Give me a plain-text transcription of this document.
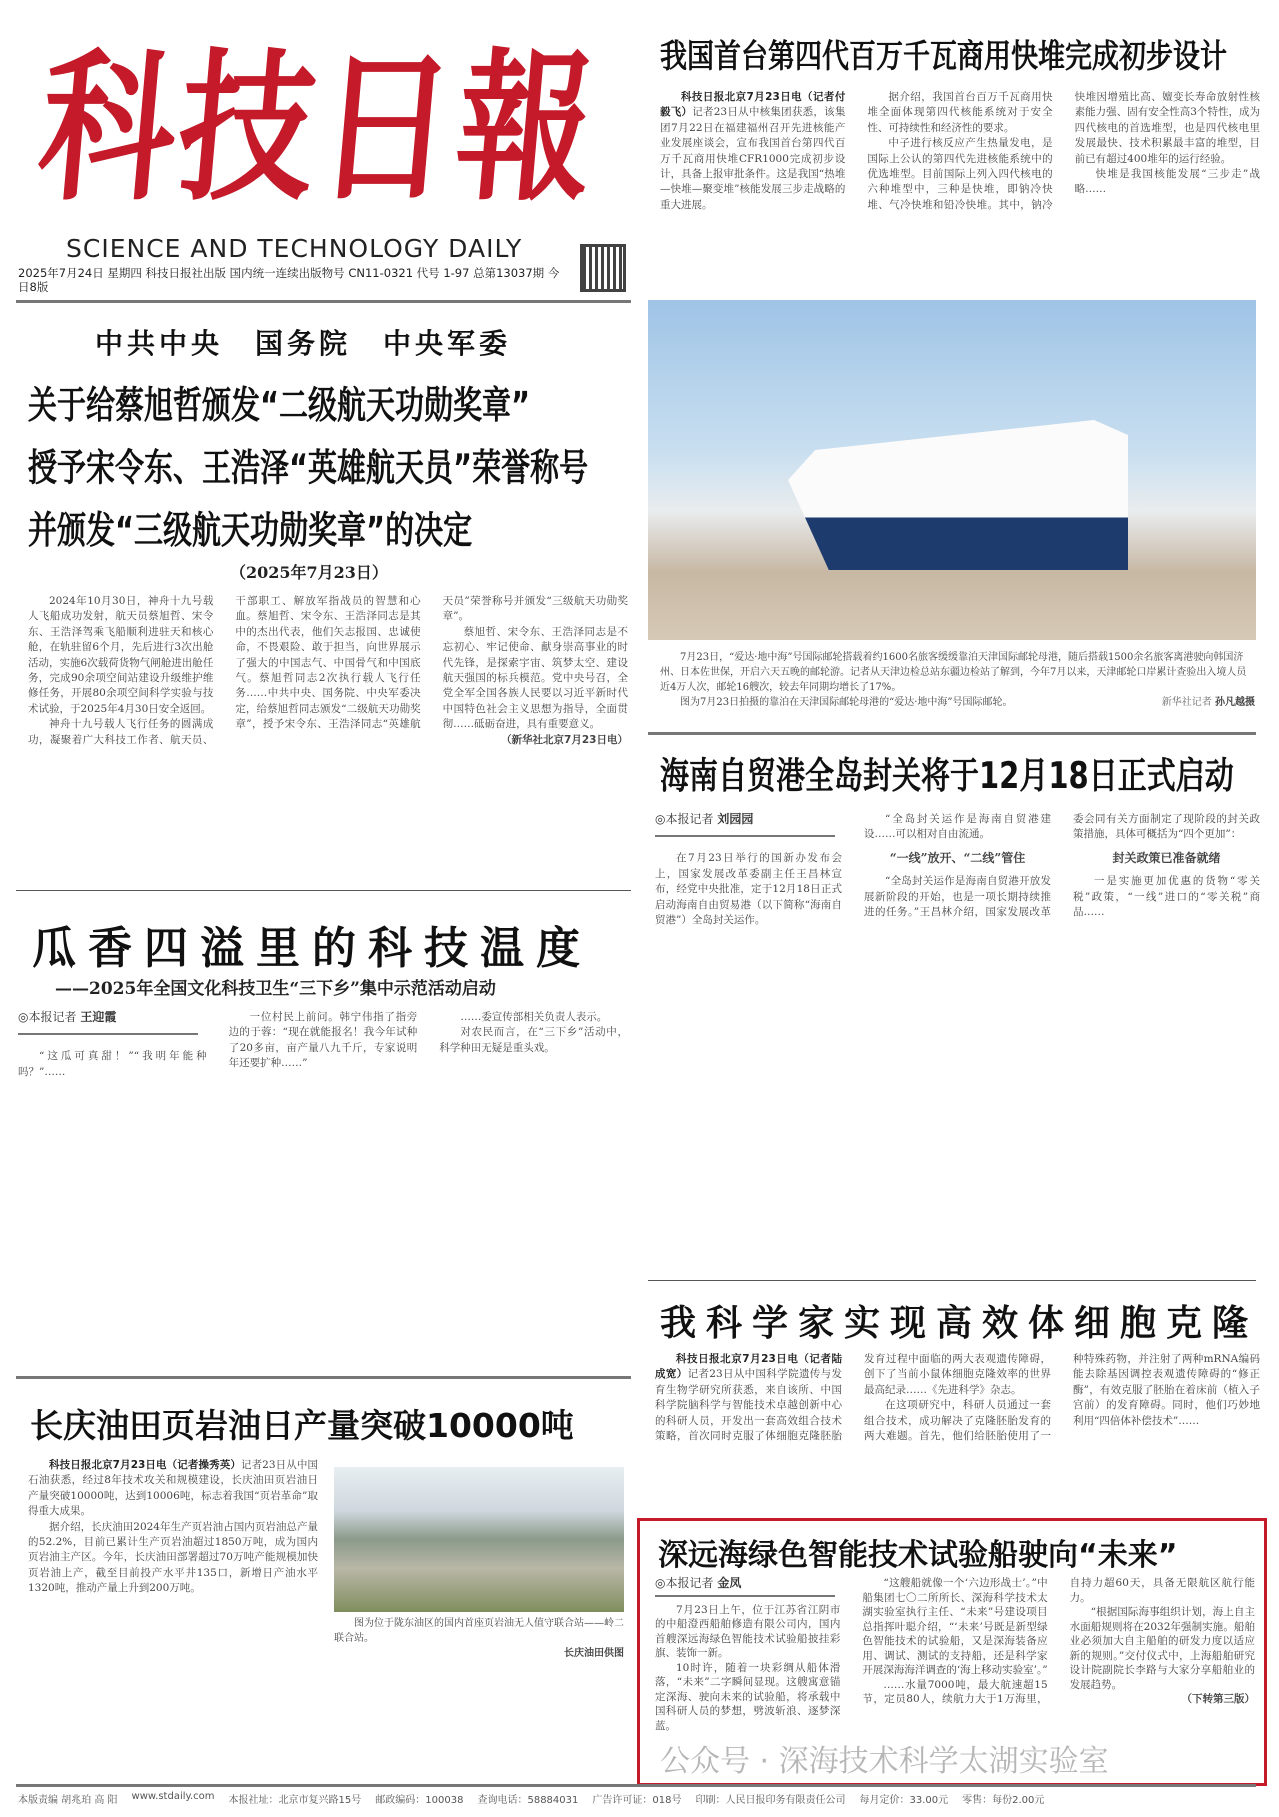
科技日報
SCIENCE AND TECHNOLOGY DAILY
2025年7月24日 星期四 科技日报社出版 国内统一连续出版物号 CN11-0321 代号 1-97 总第13037期 今日8版
我国首台第四代百万千瓦商用快堆完成初步设计

科技日报北京7月23日电（记者付毅飞）记者23日从中核集团获悉，该集团7月22日在福建福州召开先进核能产业发展座谈会，宣布我国首台第四代百万千瓦商用快堆CFR1000完成初步设计，具备上报审批条件。这是我国“热堆—快堆—聚变堆”核能发展三步走战略的重大进展。

据介绍，我国首台百万千瓦商用快堆全面体现第四代核能系统对于安全性、可持续性和经济性的要求。

中子进行核反应产生热量发电，是国际上公认的第四代先进核能系统中的优选堆型。目前国际上列入四代核电的六种堆型中，三种是快堆，即钠冷快堆、气冷快堆和铅冷快堆。其中，钠冷快堆因增殖比高、嬗变长寿命放射性核素能力强、固有安全性高3个特性，成为四代核电的首选堆型，也是四代核电里发展最快、技术积累最丰富的堆型，目前已有超过400堆年的运行经验。

快堆是我国核能发展“三步走”战略……

7月23日，“爱达·地中海”号国际邮轮搭载着约1600名旅客缓缓靠泊天津国际邮轮母港，随后搭载1500余名旅客离港驶向韩国济州、日本佐世保，开启六天五晚的邮轮游。记者从天津边检总站东疆边检站了解到，今年7月以来，天津邮轮口岸累计查验出入境人员近4万人次，邮轮16艘次，较去年同期均增长了17%。

图为7月23日拍摄的靠泊在天津国际邮轮母港的“爱达·地中海”号国际邮轮。	新华社记者 孙凡越摄

中共中央　国务院　中央军委
关于给蔡旭哲颁发“二级航天功勋奖章”
授予宋令东、王浩泽“英雄航天员”荣誉称号
并颁发“三级航天功勋奖章”的决定
（2025年7月23日）

2024年10月30日，神舟十九号载人飞船成功发射，航天员蔡旭哲、宋令东、王浩泽驾乘飞船顺利进驻天和核心舱，在轨驻留6个月，先后进行3次出舱活动，实施6次载荷货物气闸舱进出舱任务，完成90余项空间站建设升级维护维修任务，开展80余项空间科学实验与技术试验，于2025年4月30日安全返回。

神舟十九号载人飞行任务的圆满成功，凝聚着广大科技工作者、航天员、干部职工、解放军指战员的智慧和心血。蔡旭哲、宋令东、王浩泽同志是其中的杰出代表，他们矢志报国、忠诚使命，不畏艰险、敢于担当，向世界展示了强大的中国志气、中国骨气和中国底气。蔡旭哲同志2次执行载人飞行任务……中共中央、国务院、中央军委决定，给蔡旭哲同志颁发“二级航天功勋奖章”，授予宋令东、王浩泽同志“英雄航天员”荣誉称号并颁发“三级航天功勋奖章”。

蔡旭哲、宋令东、王浩泽同志是不忘初心、牢记使命、献身崇高事业的时代先锋，是探索宇宙、筑梦太空、建设航天强国的标兵模范。党中央号召，全党全军全国各族人民要以习近平新时代中国特色社会主义思想为指导，全面贯彻……砥砺奋进，具有重要意义。

（新华社北京7月23日电）

瓜香四溢里的科技温度
——2025年全国文化科技卫生“三下乡”集中示范活动启动
◎本报记者 王迎霞

“这瓜可真甜！”“我明年能种吗？”……

一位村民上前问。韩宁伟指了指旁边的于蓉：“现在就能报名！我今年试种了20多亩，亩产量八九千斤，专家说明年还要扩种……”

……委宣传部相关负责人表示。

对农民而言，在“三下乡”活动中，科学种田无疑是重头戏。

长庆油田页岩油日产量突破10000吨

科技日报北京7月23日电（记者操秀英）记者23日从中国石油获悉，经过8年技术攻关和规模建设，长庆油田页岩油日产量突破10000吨，达到10006吨，标志着我国“页岩革命”取得重大成果。

据介绍，长庆油田2024年生产页岩油占国内页岩油总产量的52.2%，目前已累计生产页岩油超过1850万吨，成为国内页岩油主产区。今年，长庆油田部署超过70万吨产能规模加快页岩油上产，截至目前投产水平井135口，新增日产油水平1320吨，推动产量上升到200万吨。

图为位于陇东油区的国内首座页岩油无人值守联合站——岭二联合站。

长庆油田供图

海南自贸港全岛封关将于12月18日正式启动
◎本报记者 刘园园

在7月23日举行的国新办发布会上，国家发展改革委副主任王昌林宣布，经党中央批准，定于12月18日正式启动海南自由贸易港（以下简称“海南自贸港”）全岛封关运作。

“全岛封关运作是海南自贸港建设……可以相对自由流通。

“一线”放开、“二线”管住

“全岛封关运作是海南自贸港开放发展新阶段的开始，也是一项长期持续推进的任务。”王昌林介绍，国家发展改革委会同有关方面制定了现阶段的封关政策措施，具体可概括为“四个更加”：

封关政策已准备就绪

一是实施更加优惠的货物“零关税”政策，“一线”进口的“零关税”商品……

我科学家实现高效体细胞克隆

科技日报北京7月23日电（记者陆成宽）记者23日从中国科学院遗传与发育生物学研究所获悉，来自该所、中国科学院脑科学与智能技术卓越创新中心的科研人员，开发出一套高效组合技术策略，首次同时克服了体细胞克隆胚胎发育过程中面临的两大表观遗传障碍，创下了当前小鼠体细胞克隆效率的世界最高纪录……《先进科学》杂志。

在这项研究中，科研人员通过一套组合技术，成功解决了克隆胚胎发育的两大难题。首先，他们给胚胎使用了一种特殊药物，并注射了两种mRNA编码能去除基因调控表观遗传障碍的“修正酶”，有效克服了胚胎在着床前（植入子宫前）的发育障碍。同时，他们巧妙地利用“四倍体补偿技术”……

深远海绿色智能技术试验船驶向“未来”
◎本报记者 金凤

7月23日上午，位于江苏省江阴市的中船澄西船舶修造有限公司内，国内首艘深远海绿色智能技术试验船披挂彩旗、装饰一新。

10时许，随着一块彩绸从船体滑落，“未来”二字瞬间显现。这艘寓意锚定深海、驶向未来的试验船，将承载中国科研人员的梦想，劈波斩浪、逐梦深蓝。

“这艘船就像一个‘六边形战士’。”中船集团七〇二所所长、深海科学技术太湖实验室执行主任、“未来”号建设项目总指挥叶聪介绍，“‘未来’号既是新型绿色智能技术的试验船，又是深海装备应用、调试、测试的支持船，还是科学家开展深海海洋调查的‘海上移动实验室’。”

……水量7000吨，最大航速超15节，定员80人，续航力大于1万海里，自持力超60天，具备无限航区航行能力。

“根据国际海事组织计划，海上自主水面船规则将在2032年强制实施。船舶业必须加大自主船舶的研发力度以适应新的规则。”交付仪式中，上海船舶研究设计院副院长李路与大家分享船舶业的发展趋势。

（下转第三版）

公众号 · 深海技术科学太湖实验室
本版责编 胡兆珀 高 阳 www.stdaily.com 本报社址：北京市复兴路15号 邮政编码：100038 查询电话：58884031 广告许可证：018号 印刷：人民日报印务有限责任公司 每月定价：33.00元 零售：每份2.00元
